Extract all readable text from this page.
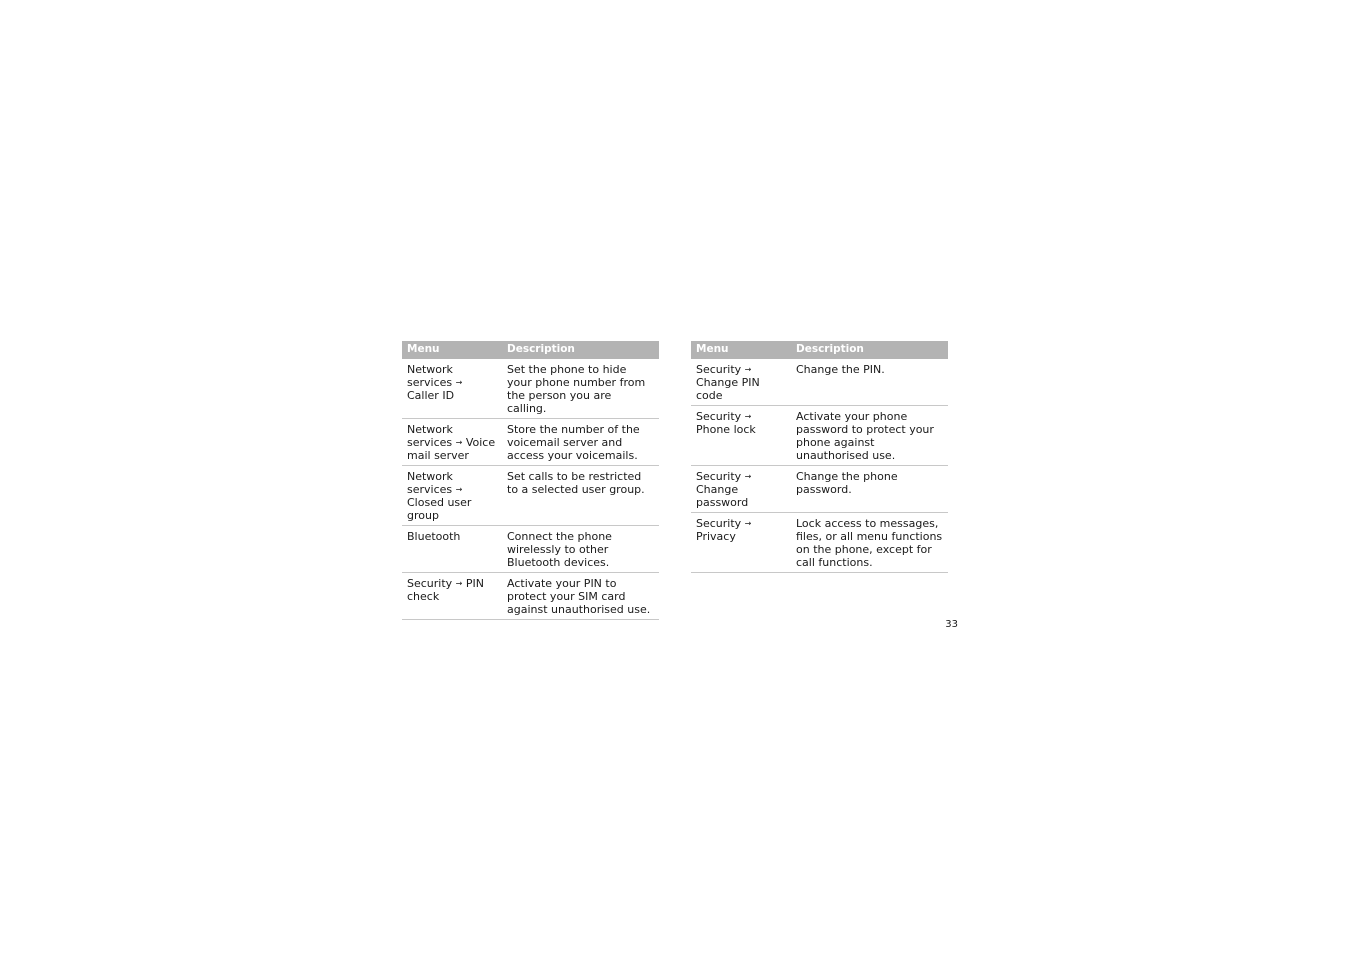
Menu	Description
Network services → Caller ID	Set the phone to hide your phone number from the person you are calling.
Network services → Voice mail server	Store the number of the voicemail server and access your voicemails.
Network services → Closed user group	Set calls to be restricted to a selected user group.
Bluetooth	Connect the phone wirelessly to other Bluetooth devices.
Security → PIN check	Activate your PIN to protect your SIM card against unauthorised use.
Menu	Description
Security → Change PIN code	Change the PIN.
Security → Phone lock	Activate your phone password to protect your phone against unauthorised use.
Security → Change password	Change the phone password.
Security → Privacy	Lock access to messages, files, or all menu functions on the phone, except for call functions.
33
